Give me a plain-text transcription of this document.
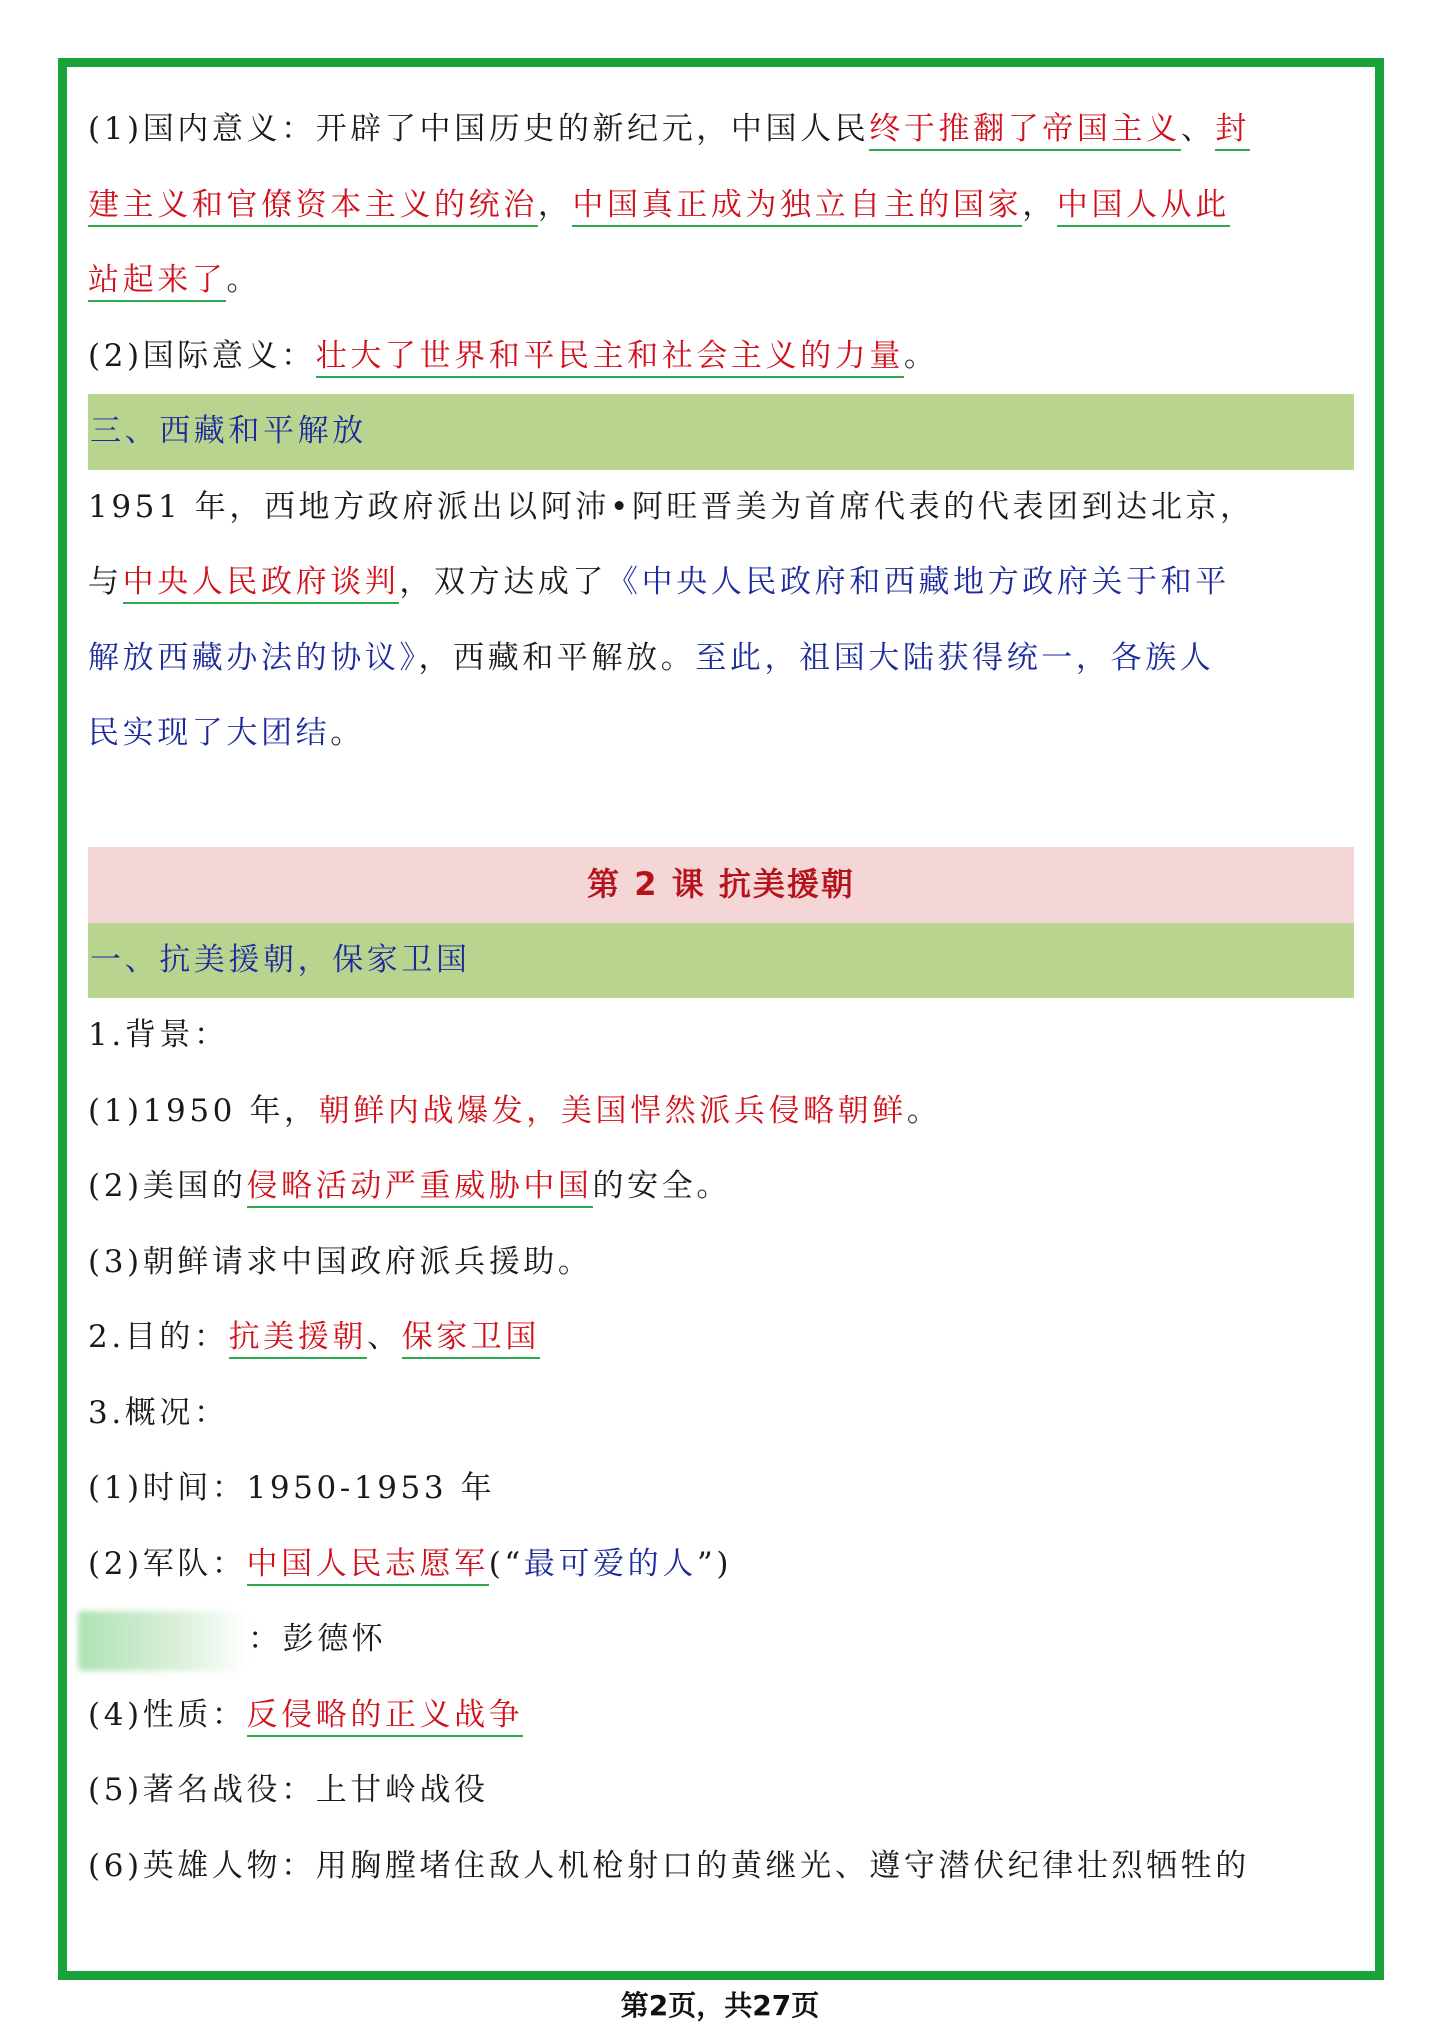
(1)国内意义：开辟了中国历史的新纪元，中国人民终于推翻了帝国主义、封
建主义和官僚资本主义的统治，中国真正成为独立自主的国家，中国人从此
站起来了。
(2)国际意义：壮大了世界和平民主和社会主义的力量。
三、西藏和平解放
1951 年，西地方政府派出以阿沛•阿旺晋美为首席代表的代表团到达北京，
与中央人民政府谈判，双方达成了《中央人民政府和西藏地方政府关于和平
解放西藏办法的协议》，西藏和平解放。至此，祖国大陆获得统一，各族人
民实现了大团结。
第 2 课 抗美援朝
一、抗美援朝，保家卫国
1.背景：
(1)1950 年，朝鲜内战爆发，美国悍然派兵侵略朝鲜。
(2)美国的侵略活动严重威胁中国的安全。
(3)朝鲜请求中国政府派兵援助。
2.目的：抗美援朝、保家卫国
3.概况：
(1)时间：1950-1953 年
(2)军队：中国人民志愿军(“最可爱的人”)
：彭德怀
(4)性质：反侵略的正义战争
(5)著名战役：上甘岭战役
(6)英雄人物：用胸膛堵住敌人机枪射口的黄继光、遵守潜伏纪律壮烈牺牲的
第2页，共27页
